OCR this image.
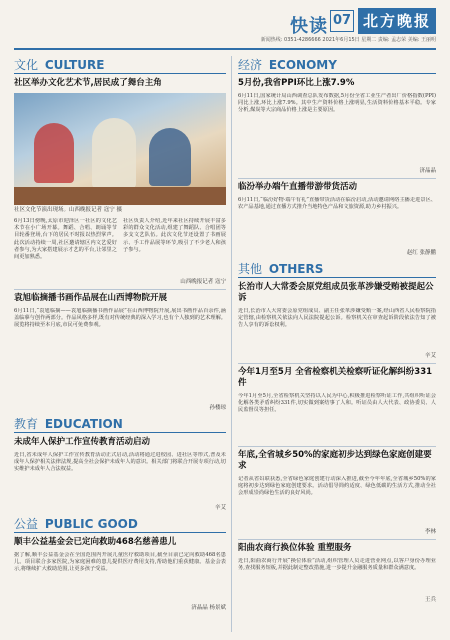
快读 07 北方晚报
新闻热线: 0351-4286666 2021年6月15日 星期二 责编: 孟志荣 美编: 王丽明
文化 CULTURE
社区举办文化艺术节,居民成了舞台主角
社区文化节演出现场。山西晚报记者 寇宁 摄
6月13日傍晚,太原市迎泽区一社区的文化艺术节在小广场开幕。舞蹈、合唱、朗诵等节目轮番登场,台下的居民不时报以热烈掌声。此次活动持续一周,社区邀请辖区内文艺爱好者参与,为大家搭建展示才艺的平台,让邻里之间更加熟悉。
社区负责人介绍,近年来社区持续开展丰富多彩的群众文化活动,组建了舞蹈队、合唱团等多支文艺队伍。此次文化节还设置了书画展示、手工作品展等环节,吸引了不少老人和孩子参与。
山西晚报记者 寇宁
袁旭临摘播书画作品展在山西博物院开展
6月11日,“袁旭临摘——袁旭临摘播书画作品展”在山西博物院开展,展出书画作品百余件,涵盖临摹与创作两部分。作品风格多样,既有对传统经典的深入学习,也有个人独到的艺术理解。展览将持续至本月底,市民可免费参观。
孙楼琼
教育 EDUCATION
未成年人保护工作宣传教育活动启动
近日,省未成年人保护工作宣传教育活动正式启动,活动将通过进校园、进社区等形式,普及未成年人保护相关法律法规,提高全社会保护未成年人的意识。相关部门将联合开展专项行动,切实维护未成年人合法权益。
辛艾
公益 PUBLIC GOOD
顺丰公益基金会已定向救助468名慈善患儿
据了解,顺丰公益基金会在全国范围内开展儿童医疗救助项目,截至目前已定向救助468名患儿。项目联合多家医院,为家庭困难的患儿提供医疗费用支持,帮助他们重获健康。基金会表示,将继续扩大救助范围,让更多孩子受益。
济晶晶 杨景斌
经济 ECONOMY
5月份,我省PPI环比上涨7.9%
6月11日,国家统计局山西调查总队发布数据,5月份全省工业生产者出厂价格指数(PPI)同比上涨,环比上涨7.9%。其中生产资料价格上涨明显,生活资料价格基本平稳。专家分析,煤炭等大宗商品价格上涨是主要原因。
济晶晶
临汾举办端午直播带游带货活动
6月11日,“临汾好物·端午有礼”直播带货活动在临汾启动,活动邀请网络主播走进景区、农产品基地,通过直播方式推介当地特色产品和文旅资源,助力乡村振兴。
赵红 张静鹏
其他 OTHERS
长治市人大常委会原党组成员张革涉嫌受贿被提起公诉
近日,长治市人大常委会原党组成员、副主任张革涉嫌受贿一案,经山西省人民检察院指定管辖,由检察机关依法向人民法院提起公诉。检察机关在审查起诉阶段依法告知了被告人享有的诉讼权利。
辛艾
今年1月至5月 全省检察机关检察听证化解纠纷331件
今年1月至5月,全省检察机关坚持以人民为中心,积极推进检察听证工作,共组织听证会化解各类矛盾纠纷331件,切实做到案结事了人和。听证员由人大代表、政协委员、人民监督员等担任。
年底,全省城乡50%的家庭初步达到绿色家庭创建要求
记者从省妇联获悉,全省绿色家庭创建行动深入推进,截至今年年底,全省城乡50%的家庭将初步达到绿色家庭创建要求。活动倡导简约适度、绿色低碳的生活方式,推动全社会形成崇尚绿色生活的良好风尚。
李林
阳曲农商行换位体验 重塑服务
近日,阳曲农商行开展“换位体验”活动,组织管理人员走进营业网点,以客户身份办理业务,查找服务短板,并据此制定整改措施,进一步提升金融服务质量和群众满意度。
王兵
